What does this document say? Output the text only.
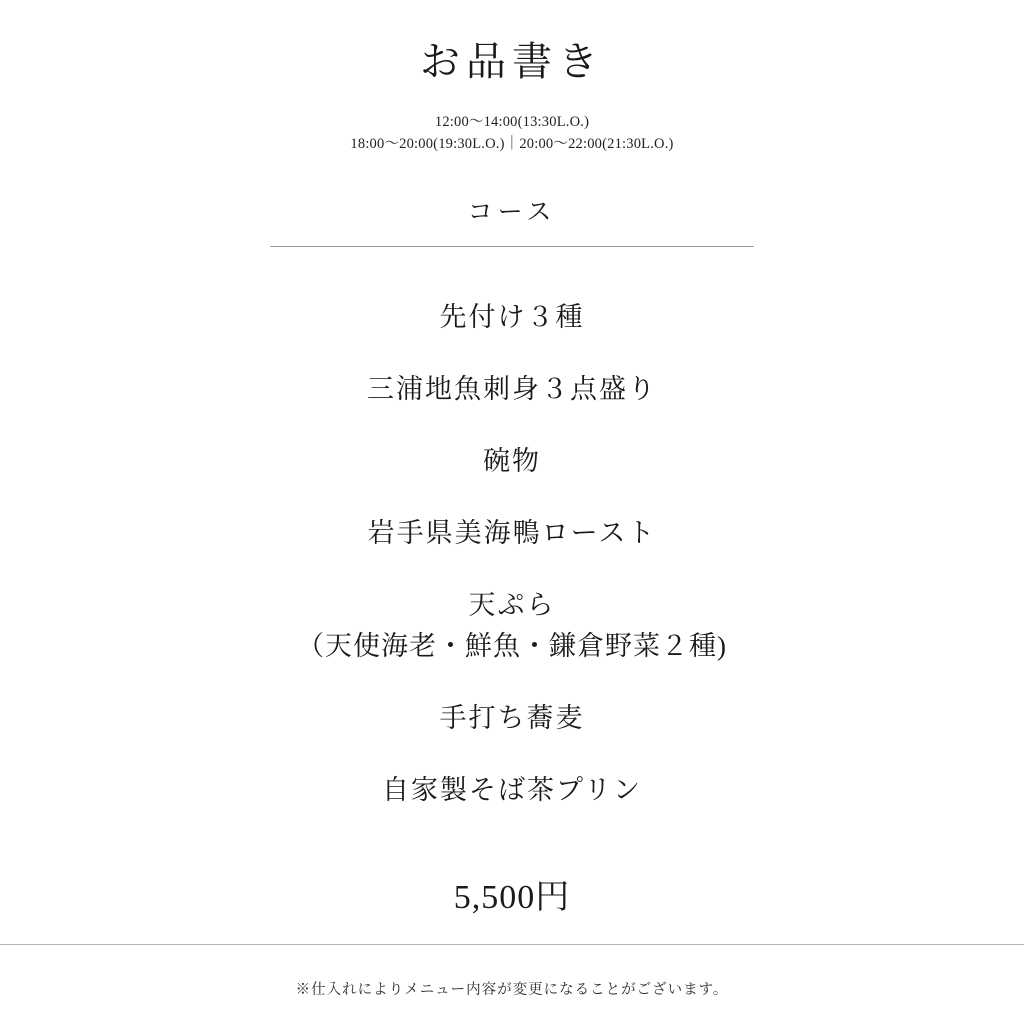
お品書き
12:00〜14:00(13:30L.O.)
18:00〜20:00(19:30L.O.)｜20:00〜22:00(21:30L.O.)
コース
先付け３種
三浦地魚刺身３点盛り
碗物
岩手県美海鴨ロースト
天ぷら
（天使海老・鮮魚・鎌倉野菜２種)
手打ち蕎麦
自家製そば茶プリン
5,500円
※仕入れによりメニュー内容が変更になることがございます。
